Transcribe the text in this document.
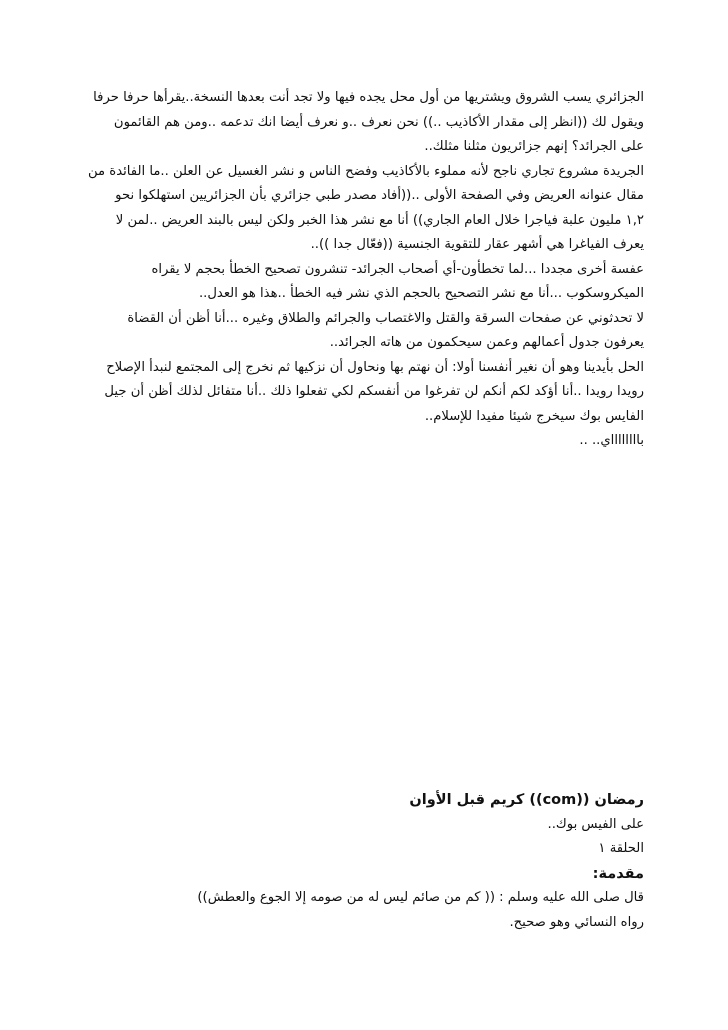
الجزائري يسب الشروق ويشتريها من أول محل يجده فيها ولا تجد أنت بعدها النسخة..يقرأها حرفا حرفا
ويقول لك ((انظر إلى مقدار الأكاذيب ..)) نحن نعرف ..و نعرف أيضا انك تدعمه ..ومن هم القائمون
على الجرائد؟ إنهم جزائريون مثلنا مثلك..
الجريدة مشروع تجاري ناجح لأنه مملوء بالأكاذيب وفضح الناس و نشر الغسيل عن العلن ..ما الفائدة من
مقال عنوانه العريض وفي الصفحة الأولى ..((أفاد مصدر طبي جزائري بأن الجزائريين استهلكوا نحو
١,٢ مليون علبة فياجرا خلال العام الجاري)) أنا مع نشر هذا الخبر ولكن ليس بالبند العريض ..لمن لا
يعرف الفياغرا هي أشهر عقار للتقوية الجنسية ((فعّال جدا ))..
عفسة أخرى مجددا ...لما تخطأون-أي أصحاب الجرائد- تنشرون تصحيح الخطأ بحجم لا يقراه
الميكروسكوب ...أنا مع نشر التصحيح بالحجم الذي نشر فيه الخطأ ..هذا هو العدل..
لا تحدثوني عن صفحات السرقة والقتل والاغتصاب والجرائم والطلاق وغيره ...أنا أظن أن القضاة
يعرفون جدول أعمالهم وعمن سيحكمون من هاته الجرائد..
الحل بأيدينا وهو أن نغير أنفسنا أولا: أن نهتم بها ونحاول أن نزكيها ثم نخرج إلى المجتمع لنبدأ الإصلاح
رويدا رويدا ..أنا أؤكد لكم أنكم لن تفرغوا من أنفسكم لكي تفعلوا ذلك ..أنا متفائل لذلك أظن أن جيل
الفايس بوك سيخرج شيئا مفيدا للإسلام..
بااااااااي.. ..
رمضان ((com)) كريم قبل الأوان
على الفيس بوك..
الحلقة ١
مقدمة:
قال صلى الله عليه وسلم : (( كم من صائم ليس له من صومه إلا الجوع والعطش))
رواه النسائي وهو صحيح.
